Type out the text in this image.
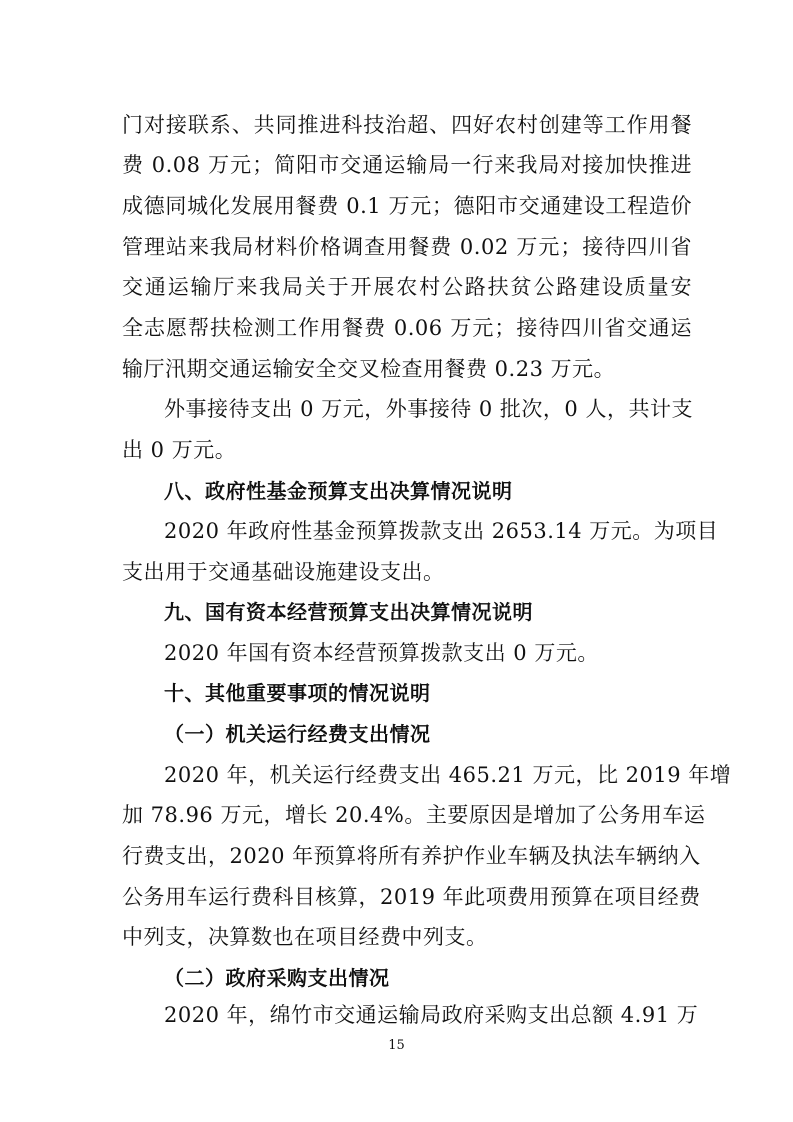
门对接联系、共同推进科技治超、四好农村创建等工作用餐
费 0.08 万元；简阳市交通运输局一行来我局对接加快推进
成德同城化发展用餐费 0.1 万元；德阳市交通建设工程造价
管理站来我局材料价格调查用餐费 0.02 万元；接待四川省
交通运输厅来我局关于开展农村公路扶贫公路建设质量安
全志愿帮扶检测工作用餐费 0.06 万元；接待四川省交通运
输厅汛期交通运输安全交叉检查用餐费 0.23 万元。
外事接待支出 0 万元，外事接待 0 批次，0 人，共计支
出 0 万元。
八、政府性基金预算支出决算情况说明
2020 年政府性基金预算拨款支出 2653.14 万元。为项目
支出用于交通基础设施建设支出。
九、国有资本经营预算支出决算情况说明
2020 年国有资本经营预算拨款支出 0 万元。
十、其他重要事项的情况说明
（一）机关运行经费支出情况
2020 年，机关运行经费支出 465.21 万元，比 2019 年增
加 78.96 万元，增长 20.4%。主要原因是增加了公务用车运
行费支出，2020 年预算将所有养护作业车辆及执法车辆纳入
公务用车运行费科目核算，2019 年此项费用预算在项目经费
中列支，决算数也在项目经费中列支。
（二）政府采购支出情况
2020 年，绵竹市交通运输局政府采购支出总额 4.91 万
15
